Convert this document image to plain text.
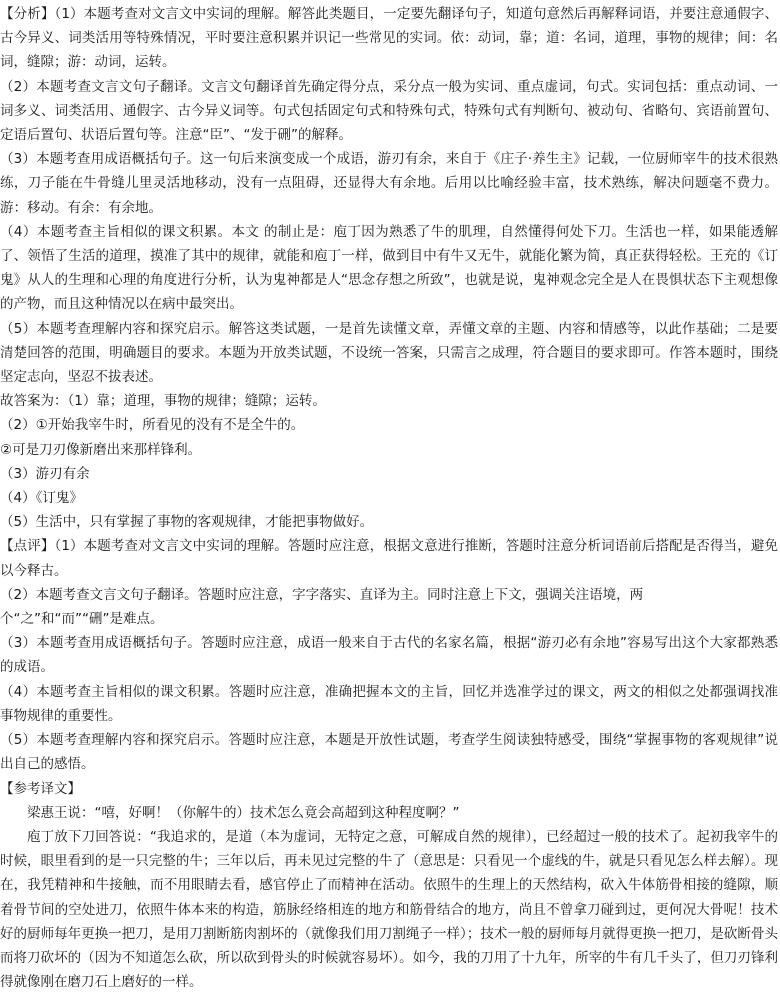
【分析】（1）本题考查对文言文中实词的理解。解答此类题目，一定要先翻译句子，知道句意然后再解释词语，并要注意通假字、古今异义、词类活用等特殊情况，平时要注意积累并识记一些常见的实词。依：动词，靠；道：名词，道理，事物的规律；间：名词，缝隙；游：动词，运转。

（2）本题考查文言文句子翻译。文言文句翻译首先确定得分点，采分点一般为实词、重点虚词，句式。实词包括：重点动词、一词多义、词类活用、通假字、古今异义词等。句式包括固定句式和特殊句式，特殊句式有判断句、被动句、省略句、宾语前置句、定语后置句、状语后置句等。注意“臣”、“发于硎”的解释。

（3）本题考查用成语概括句子。这一句后来演变成一个成语，游刃有余，来自于《庄子·养生主》记载，一位厨师宰牛的技术很熟练，刀子能在牛骨缝儿里灵活地移动，没有一点阻碍，还显得大有余地。后用以比喻经验丰富，技术熟练，解决问题毫不费力。游：移动。有余：有余地。

（4）本题考查主旨相似的课文积累。本文 的制止是：庖丁因为熟悉了牛的肌理，自然懂得何处下刀。生活也一样，如果能透解了、领悟了生活的道理，摸准了其中的规律，就能和庖丁一样，做到目中有牛又无牛，就能化繁为简，真正获得轻松。王充的《订鬼》从人的生理和心理的角度进行分析，认为鬼神都是人“思念存想之所致”，也就是说，鬼神观念完全是人在畏惧状态下主观想像的产物，而且这种情况以在病中最突出。

（5）本题考查理解内容和探究启示。解答这类试题，一是首先读懂文章，弄懂文章的主题、内容和情感等，以此作基础；二是要清楚回答的范围，明确题目的要求。本题为开放类试题，不设统一答案，只需言之成理，符合题目的要求即可。作答本题时，围绕坚定志向，坚忍不拔表述。

故答案为：（1）靠；道理，事物的规律；缝隙；运转。

（2）①开始我宰牛时，所看见的没有不是全牛的。

②可是刀刃像新磨出来那样锋利。

（3）游刃有余

（4）《订鬼》

（5）生活中，只有掌握了事物的客观规律，才能把事物做好。

【点评】（1）本题考查对文言文中实词的理解。答题时应注意，根据文意进行推断，答题时注意分析词语前后搭配是否得当，避免以今释古。

（2）本题考查文言文句子翻译。答题时应注意，字字落实、直译为主。同时注意上下文，强调关注语境，两

个“之”和“而”“硎”是难点。

（3）本题考查用成语概括句子。答题时应注意，成语一般来自于古代的名家名篇，根据“游刃必有余地”容易写出这个大家都熟悉的成语。

（4）本题考查主旨相似的课文积累。答题时应注意，准确把握本文的主旨，回忆并选准学过的课文，两文的相似之处都强调找准事物规律的重要性。

（5）本题考查理解内容和探究启示。答题时应注意，本题是开放性试题，考查学生阅读独特感受，围绕“掌握事物的客观规律”说出自己的感悟。

【参考译文】

梁惠王说：“嘻，好啊！（你解牛的）技术怎么竟会高超到这种程度啊？”

庖丁放下刀回答说：“我追求的，是道（本为虚词，无特定之意，可解成自然的规律），已经超过一般的技术了。起初我宰牛的时候，眼里看到的是一只完整的牛；三年以后，再未见过完整的牛了（意思是：只看见一个虚线的牛，就是只看见怎么样去解）。现在，我凭精神和牛接触，而不用眼睛去看，感官停止了而精神在活动。依照牛的生理上的天然结构，砍入牛体筋骨相接的缝隙，顺着骨节间的空处进刀，依照牛体本来的构造，筋脉经络相连的地方和筋骨结合的地方，尚且不曾拿刀碰到过，更何况大骨呢！技术好的厨师每年更换一把刀，是用刀割断筋肉割坏的（就像我们用刀割绳子一样）；技术一般的厨师每月就得更换一把刀，是砍断骨头而将刀砍坏的（因为不知道怎么砍，所以砍到骨头的时候就容易坏）。如今，我的刀用了十九年，所宰的牛有几千头了，但刀刃锋利得就像刚在磨刀石上磨好的一样。
